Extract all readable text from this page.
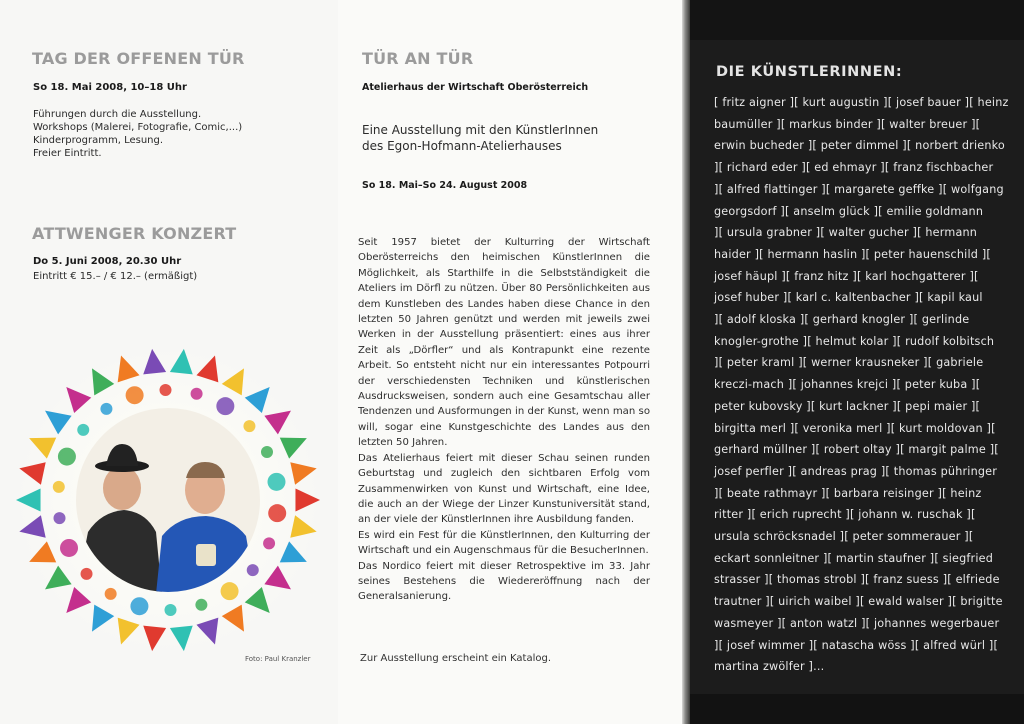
TAG DER OFFENEN TÜR
So 18. Mai 2008, 10–18 Uhr
Führungen durch die Ausstellung.
Workshops (Malerei, Fotografie, Comic,...)
Kinderprogramm, Lesung.
Freier Eintritt.
ATTWENGER KONZERT
Do 5. Juni 2008, 20.30 Uhr
Eintritt € 15.– / € 12.– (ermäßigt)
Foto: Paul Kranzler
TÜR AN TÜR
Atelierhaus der Wirtschaft Oberösterreich
Eine Ausstellung mit den KünstlerInnen
des Egon-Hofmann-Atelierhauses
So 18. Mai–So 24. August 2008

Seit 1957 bietet der Kulturring der Wirtschaft Oberösterreichs den heimischen KünstlerInnen die Möglichkeit, als Starthilfe in die Selbstständigkeit die Ateliers im Dörfl zu nützen. Über 80 Persönlichkeiten aus dem Kunstleben des Landes haben diese Chance in den letzten 50 Jahren genützt und werden mit jeweils zwei Werken in der Ausstellung präsentiert: eines aus ihrer Zeit als „Dörfler“ und als Kontrapunkt eine rezente Arbeit. So entsteht nicht nur ein interessantes Potpourri der verschiedensten Techniken und künstlerischen Ausdrucksweisen, sondern auch eine Gesamtschau aller Tendenzen und Ausformungen in der Kunst, wenn man so will, sogar eine Kunstgeschichte des Landes aus den letzten 50 Jahren.

Das Atelierhaus feiert mit dieser Schau seinen runden Geburtstag und zugleich den sichtbaren Erfolg vom Zusammenwirken von Kunst und Wirtschaft, eine Idee, die auch an der Wiege der Linzer Kunstuniversität stand, an der viele der KünstlerInnen ihre Ausbildung fanden.

Es wird ein Fest für die KünstlerInnen, den Kulturring der Wirtschaft und ein Augenschmaus für die BesucherInnen.

Das Nordico feiert mit dieser Retrospektive im 33. Jahr seines Bestehens die Wiedereröffnung nach der Generalsanierung.

Zur Ausstellung erscheint ein Katalog.
DIE KÜNSTLERINNEN:
[ fritz aigner ][ kurt augustin ][ josef bauer ][ heinz
baumüller ][ markus binder ][ walter breuer ][
erwin bucheder ][ peter dimmel ][ norbert drienko
][ richard eder ][ ed ehmayr ][ franz fischbacher
][ alfred flattinger ][ margarete geffke ][ wolfgang
georgsdorf ][ anselm glück ][ emilie goldmann
][ ursula grabner ][ walter gucher ][ hermann
haider ][ hermann haslin ][ peter hauenschild ][
josef häupl ][ franz hitz ][ karl hochgatterer ][
josef huber ][ karl c. kaltenbacher ][ kapil kaul
][ adolf kloska ][ gerhard knogler ][ gerlinde
knogler-grothe ][ helmut kolar ][ rudolf kolbitsch
][ peter kraml ][ werner krausneker ][ gabriele
kreczi-mach ][ johannes krejci ][ peter kuba ][
peter kubovsky ][ kurt lackner ][ pepi maier ][
birgitta merl ][ veronika merl ][ kurt moldovan ][
gerhard müllner ][ robert oltay ][ margit palme ][
josef perfler ][ andreas prag ][ thomas pühringer
][ beate rathmayr ][ barbara reisinger ][ heinz
ritter ][ erich ruprecht ][ johann w. ruschak ][
ursula schröcksnadel ][ peter sommerauer ][
eckart sonnleitner ][ martin staufner ][ siegfried
strasser ][ thomas strobl ][ franz suess ][ elfriede
trautner ][ uirich waibel ][ ewald walser ][ brigitte
wasmeyer ][ anton watzl ][ johannes wegerbauer
][ josef wimmer ][ natascha wöss ][ alfred würl ][
martina zwölfer ]...
